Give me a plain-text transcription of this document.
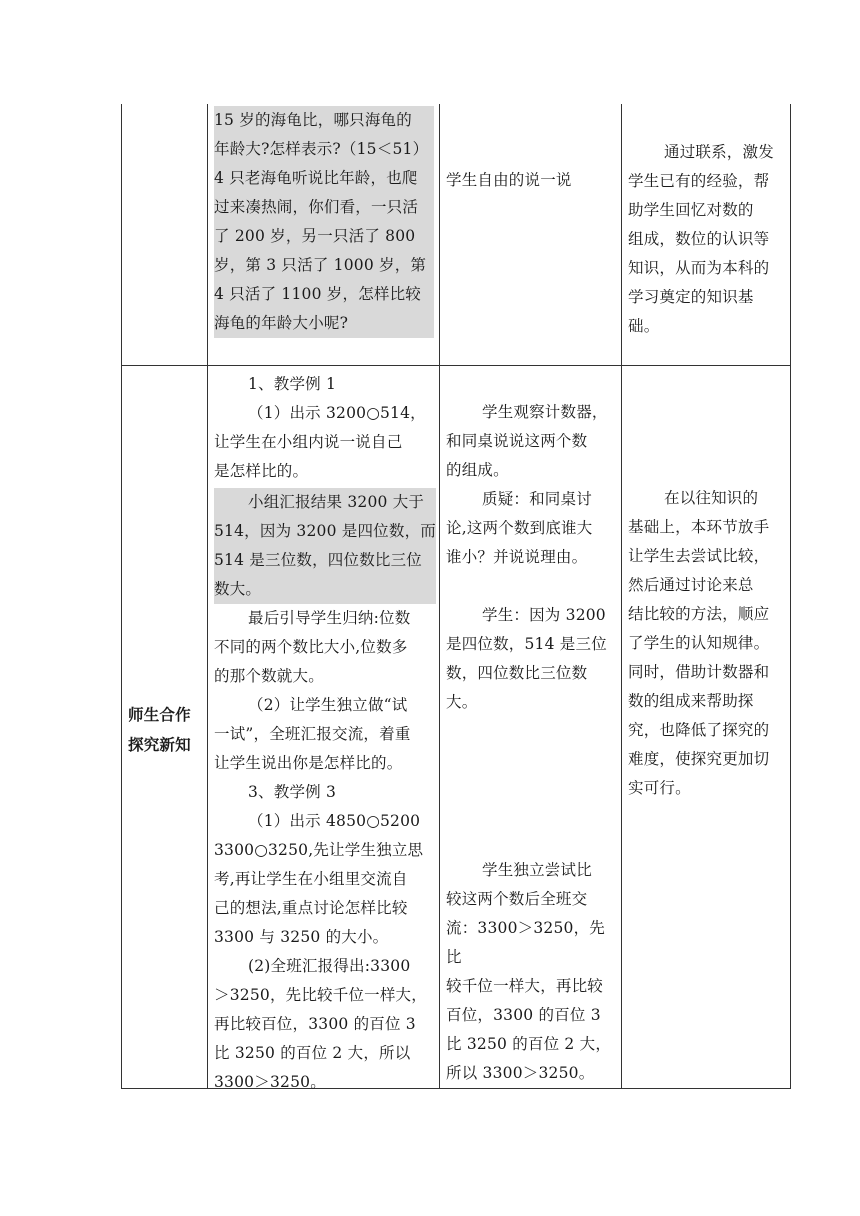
15 岁的海龟比，哪只海龟的
年龄大?怎样表示?（15＜51）
4 只老海龟听说比年龄，也爬
过来凑热闹，你们看，一只活
了 200 岁，另一只活了 800
岁，第 3 只活了 1000 岁，第
4 只活了 1100 岁，怎样比较
海龟的年龄大小呢?
学生自由的说一说
通过联系，激发
学生已有的经验，帮
助学生回忆对数的
组成，数位的认识等
知识，从而为本科的
学习奠定的知识基
础。
师生合作
探究新知
1、教学例 1
（1）出示 3200○514，
让学生在小组内说一说自己
是怎样比的。
小组汇报结果 3200 大于
514，因为 3200 是四位数，而
514 是三位数，四位数比三位
数大。
最后引导学生归纳:位数
不同的两个数比大小,位数多
的那个数就大。
（2）让学生独立做“试
一试”，全班汇报交流，着重
让学生说出你是怎样比的。
3、教学例 3
（1）出示 4850○5200
3300○3250,先让学生独立思
考,再让学生在小组里交流自
己的想法,重点讨论怎样比较
3300 与 3250 的大小。
(2)全班汇报得出:3300
＞3250，先比较千位一样大，
再比较百位，3300 的百位 3
比 3250 的百位 2 大，所以
3300＞3250。
学生观察计数器，
和同桌说说这两个数
的组成。
质疑：和同桌讨
论,这两个数到底谁大
谁小？并说说理由。
学生：因为 3200
是四位数，514 是三位
数，四位数比三位数
大。
学生独立尝试比
较这两个数后全班交
流：3300＞3250，先比
较千位一样大，再比较
百位，3300 的百位 3
比 3250 的百位 2 大，
所以 3300＞3250。
在以往知识的
基础上，本环节放手
让学生去尝试比较，
然后通过讨论来总
结比较的方法，顺应
了学生的认知规律。
同时，借助计数器和
数的组成来帮助探
究，也降低了探究的
难度，使探究更加切
实可行。
